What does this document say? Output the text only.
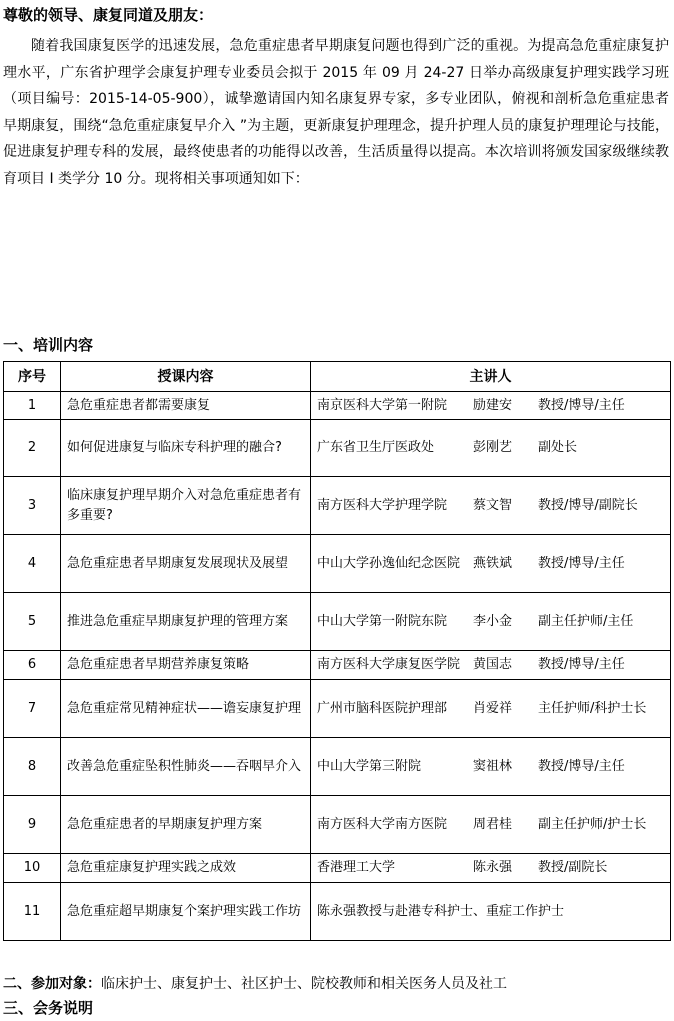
尊敬的领导、康复同道及朋友：
随着我国康复医学的迅速发展，急危重症患者早期康复问题也得到广泛的重视。为提高急危重症康复护理水平，广东省护理学会康复护理专业委员会拟于 2015 年 09 月 24-27 日举办高级康复护理实践学习班（项目编号：2015-14-05-900），诚挚邀请国内知名康复界专家，多专业团队，俯视和剖析急危重症患者早期康复，围绕“急危重症康复早介入 ”为主题，更新康复护理理念，提升护理人员的康复护理理论与技能，促进康复护理专科的发展，最终使患者的功能得以改善，生活质量得以提高。本次培训将颁发国家级继续教育项目 I 类学分 10 分。现将相关事项通知如下：
一、培训内容
序号	授课内容	主讲人
1	急危重症患者都需要康复	南京医科大学第一附院　　励建安　　教授/博导/主任
2	如何促进康复与临床专科护理的融合?	广东省卫生厅医政处　　　彭刚艺　　副处长
3	临床康复护理早期介入对急危重症患者有多重要?	南方医科大学护理学院　　蔡文智　　教授/博导/副院长
4	急危重症患者早期康复发展现状及展望	中山大学孙逸仙纪念医院　燕铁斌　　教授/博导/主任
5	推进急危重症早期康复护理的管理方案	中山大学第一附院东院　　李小金　　副主任护师/主任
6	急危重症患者早期营养康复策略	南方医科大学康复医学院　黄国志　　教授/博导/主任
7	急危重症常见精神症状——谵妄康复护理	广州市脑科医院护理部　　肖爱祥　　主任护师/科护士长
8	改善急危重症坠积性肺炎——吞咽早介入	中山大学第三附院　　　　窦祖林　　教授/博导/主任
9	急危重症患者的早期康复护理方案	南方医科大学南方医院　　周君桂　　副主任护师/护士长
10	急危重症康复护理实践之成效	香港理工大学　　　　　　陈永强　　教授/副院长
11	急危重症超早期康复个案护理实践工作坊	陈永强教授与赴港专科护士、重症工作护士
二、参加对象：临床护士、康复护士、社区护士、院校教师和相关医务人员及社工
三、会务说明
